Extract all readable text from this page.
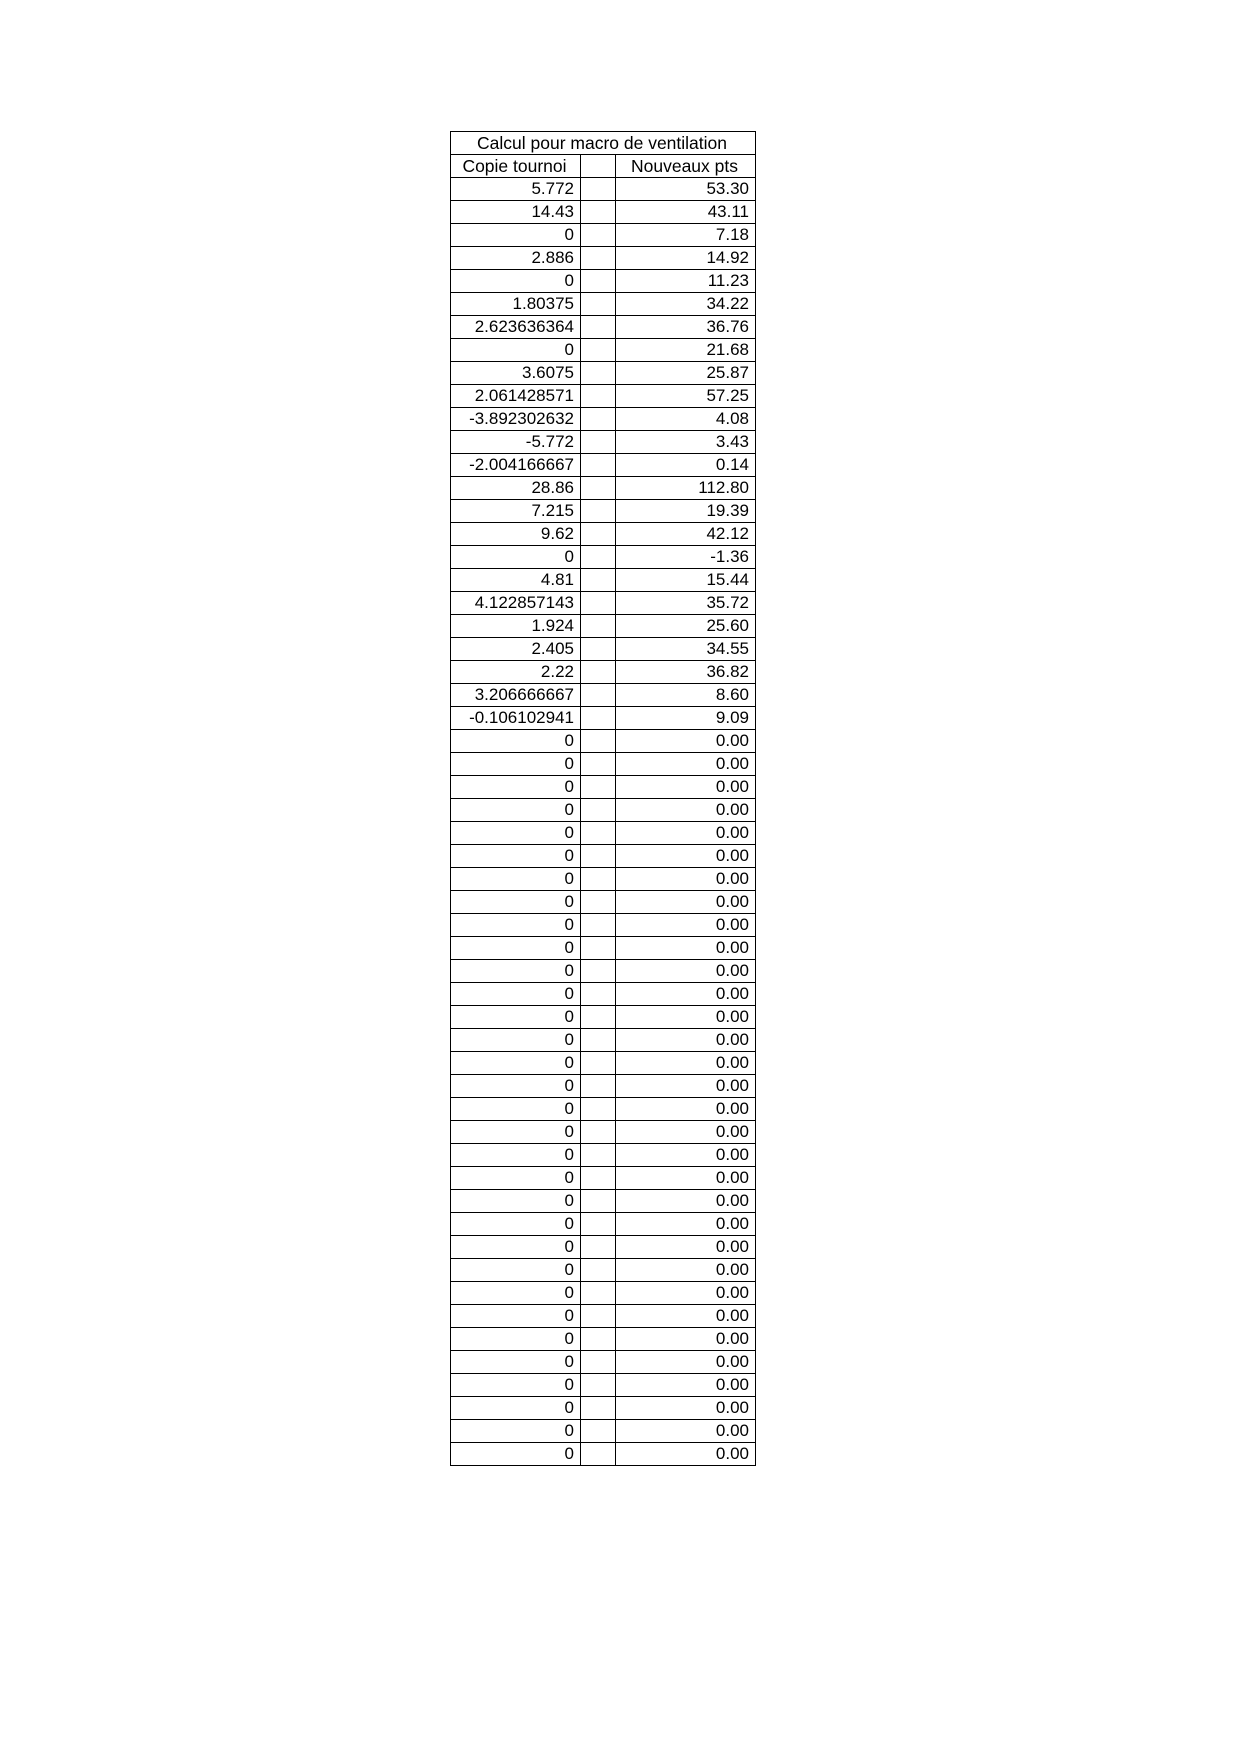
Calcul pour macro de ventilation		
Copie tournoi		Nouveaux pts
5.772		53.30
14.43		43.11
0		7.18
2.886		14.92
0		11.23
1.80375		34.22
2.623636364		36.76
0		21.68
3.6075		25.87
2.061428571		57.25
-3.892302632		4.08
-5.772		3.43
-2.004166667		0.14
28.86		112.80
7.215		19.39
9.62		42.12
0		-1.36
4.81		15.44
4.122857143		35.72
1.924		25.60
2.405		34.55
2.22		36.82
3.206666667		8.60
-0.106102941		9.09
0		0.00
0		0.00
0		0.00
0		0.00
0		0.00
0		0.00
0		0.00
0		0.00
0		0.00
0		0.00
0		0.00
0		0.00
0		0.00
0		0.00
0		0.00
0		0.00
0		0.00
0		0.00
0		0.00
0		0.00
0		0.00
0		0.00
0		0.00
0		0.00
0		0.00
0		0.00
0		0.00
0		0.00
0		0.00
0		0.00
0		0.00
0		0.00
